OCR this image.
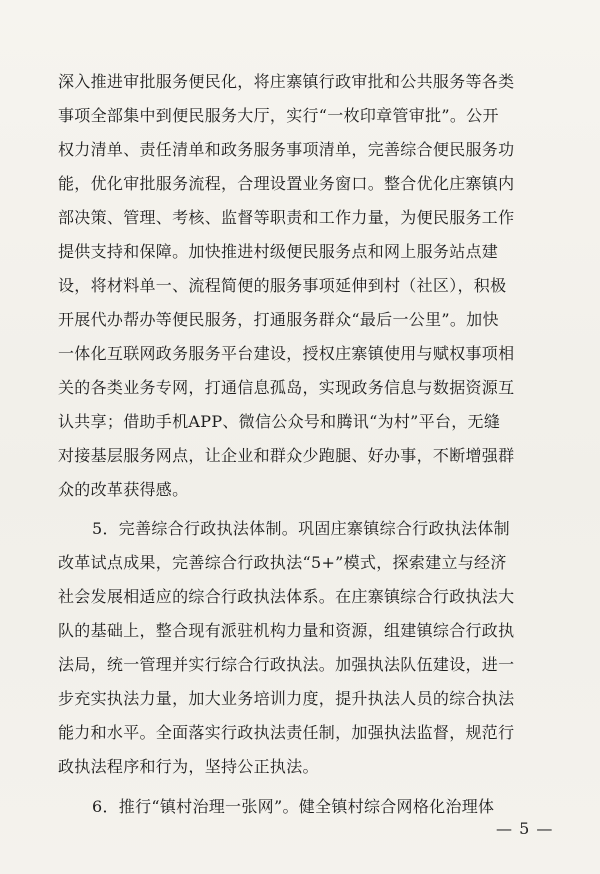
深入推进审批服务便民化，将庄寨镇行政审批和公共服务等各类
事项全部集中到便民服务大厅，实行“一枚印章管审批”。公开
权力清单、责任清单和政务服务事项清单，完善综合便民服务功
能，优化审批服务流程，合理设置业务窗口。整合优化庄寨镇内
部决策、管理、考核、监督等职责和工作力量，为便民服务工作
提供支持和保障。加快推进村级便民服务点和网上服务站点建
设，将材料单一、流程简便的服务事项延伸到村（社区），积极
开展代办帮办等便民服务，打通服务群众“最后一公里”。加快
一体化互联网政务服务平台建设，授权庄寨镇使用与赋权事项相
关的各类业务专网，打通信息孤岛，实现政务信息与数据资源互
认共享；借助手机APP、微信公众号和腾讯“为村”平台，无缝
对接基层服务网点，让企业和群众少跑腿、好办事，不断增强群
众的改革获得感。
5．完善综合行政执法体制。巩固庄寨镇综合行政执法体制
改革试点成果，完善综合行政执法“5+”模式，探索建立与经济
社会发展相适应的综合行政执法体系。在庄寨镇综合行政执法大
队的基础上，整合现有派驻机构力量和资源，组建镇综合行政执
法局，统一管理并实行综合行政执法。加强执法队伍建设，进一
步充实执法力量，加大业务培训力度，提升执法人员的综合执法
能力和水平。全面落实行政执法责任制，加强执法监督，规范行
政执法程序和行为，坚持公正执法。
6．推行“镇村治理一张网”。健全镇村综合网格化治理体
— 5 —
